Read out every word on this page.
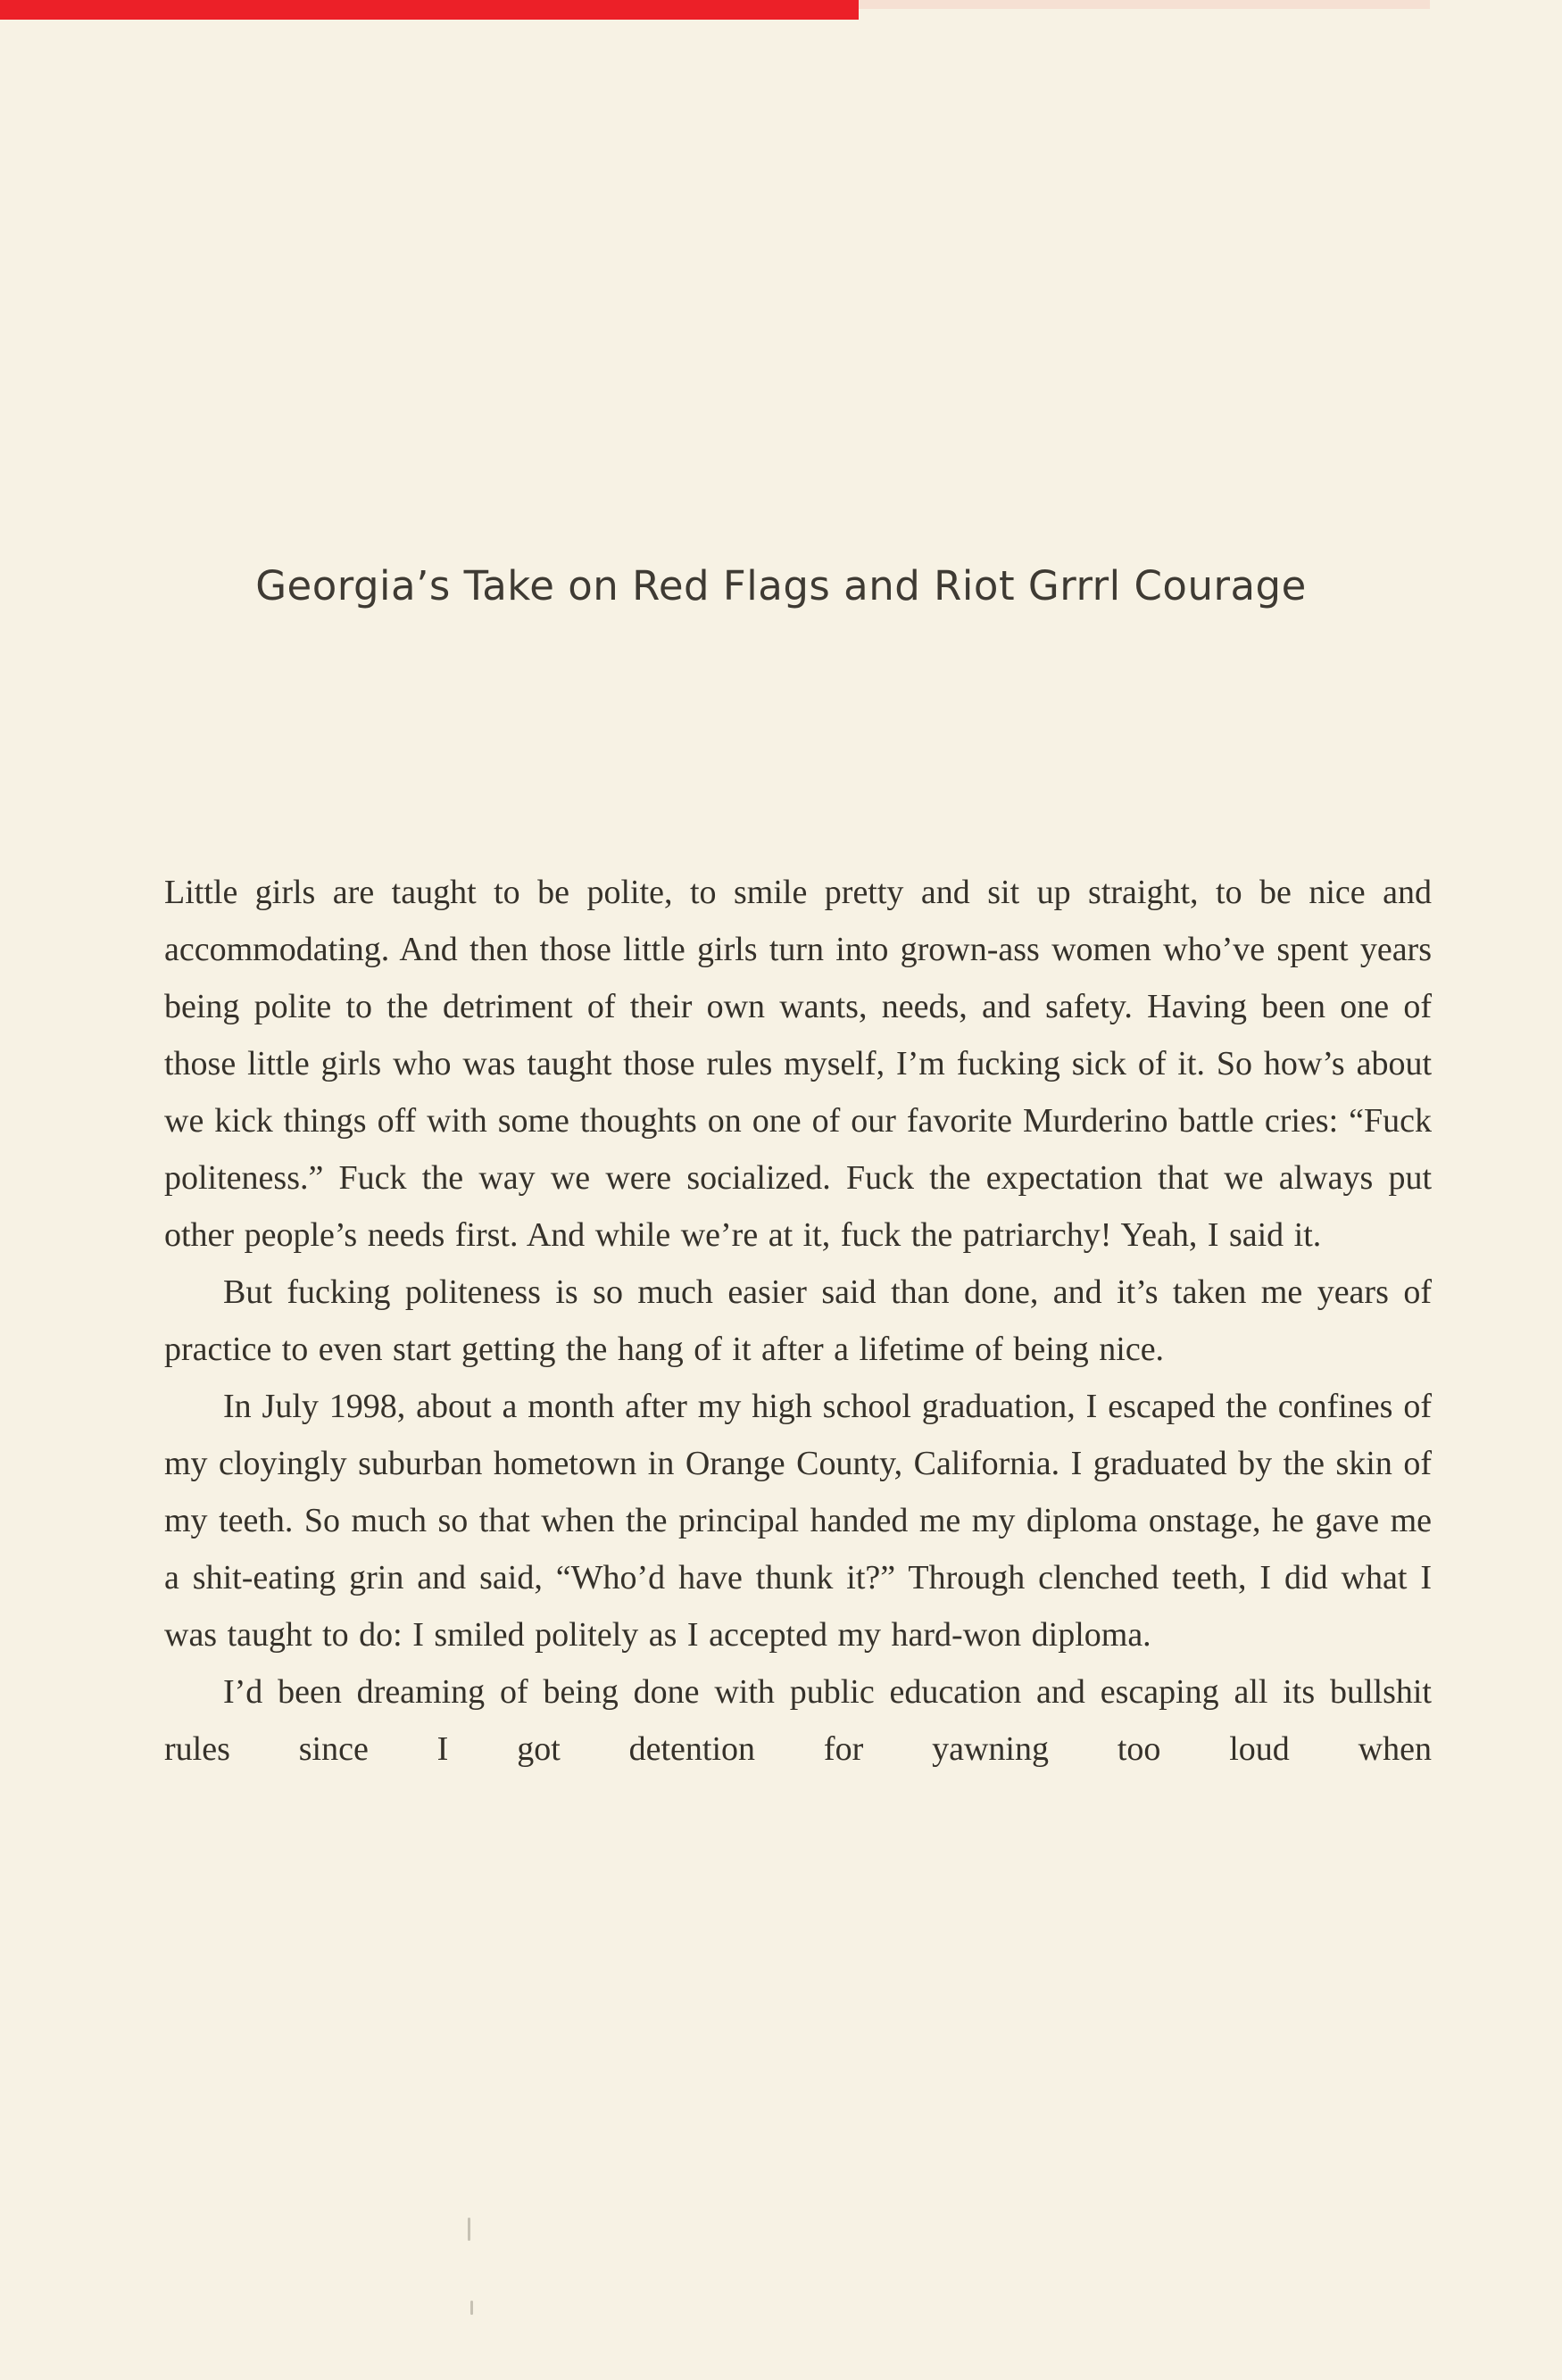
Georgia’s Take on Red Flags and Riot Grrrl Courage

Little girls are taught to be polite, to smile pretty and sit up straight, to be nice and accommodating. And then those little girls turn into grown-ass women who’ve spent years being polite to the detriment of their own wants, needs, and safety. Having been one of those little girls who was taught those rules myself, I’m fucking sick of it. So how’s about we kick things off with some thoughts on one of our favorite Murderino battle cries: “Fuck politeness.” Fuck the way we were socialized. Fuck the expectation that we always put other people’s needs first. And while we’re at it, fuck the patriarchy! Yeah, I said it.

But fucking politeness is so much easier said than done, and it’s taken me years of practice to even start getting the hang of it after a lifetime of being nice.

In July 1998, about a month after my high school graduation, I escaped the confines of my cloyingly suburban hometown in Orange County, California. I graduated by the skin of my teeth. So much so that when the principal handed me my diploma onstage, he gave me a shit-eating grin and said, “Who’d have thunk it?” Through clenched teeth, I did what I was taught to do: I smiled politely as I accepted my hard-won diploma.

I’d been dreaming of being done with public education and escaping all its bullshit rules since I got detention for yawning too loud when
